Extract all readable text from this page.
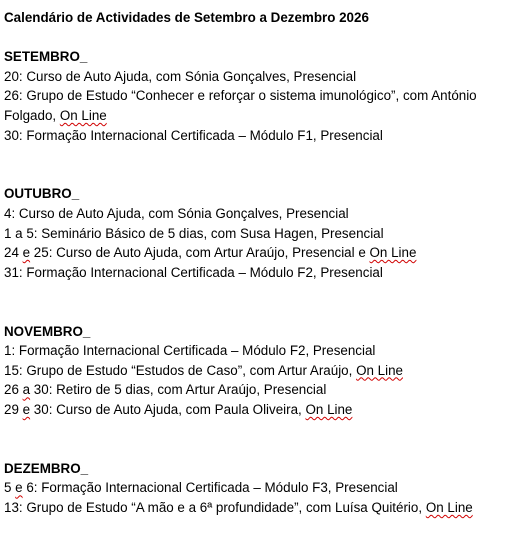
Calendário de Actividades de Setembro a Dezembro 2026

SETEMBRO_

20: Curso de Auto Ajuda, com Sónia Gonçalves, Presencial

26: Grupo de Estudo “Conhecer e reforçar o sistema imunológico”, com António Folgado, On Line

30: Formação Internacional Certificada – Módulo F1, Presencial

OUTUBRO_

4: Curso de Auto Ajuda, com Sónia Gonçalves, Presencial

1 a 5: Seminário Básico de 5 dias, com Susa Hagen, Presencial

24 e 25: Curso de Auto Ajuda, com Artur Araújo, Presencial e On Line

31: Formação Internacional Certificada – Módulo F2, Presencial

NOVEMBRO_

1: Formação Internacional Certificada – Módulo F2, Presencial

15: Grupo de Estudo “Estudos de Caso”, com Artur Araújo, On Line

26 a 30: Retiro de 5 dias, com Artur Araújo, Presencial

29 e 30: Curso de Auto Ajuda, com Paula Oliveira, On Line

DEZEMBRO_

5 e 6: Formação Internacional Certificada – Módulo F3, Presencial

13: Grupo de Estudo “A mão e a 6ª profundidade”, com Luísa Quitério, On Line
